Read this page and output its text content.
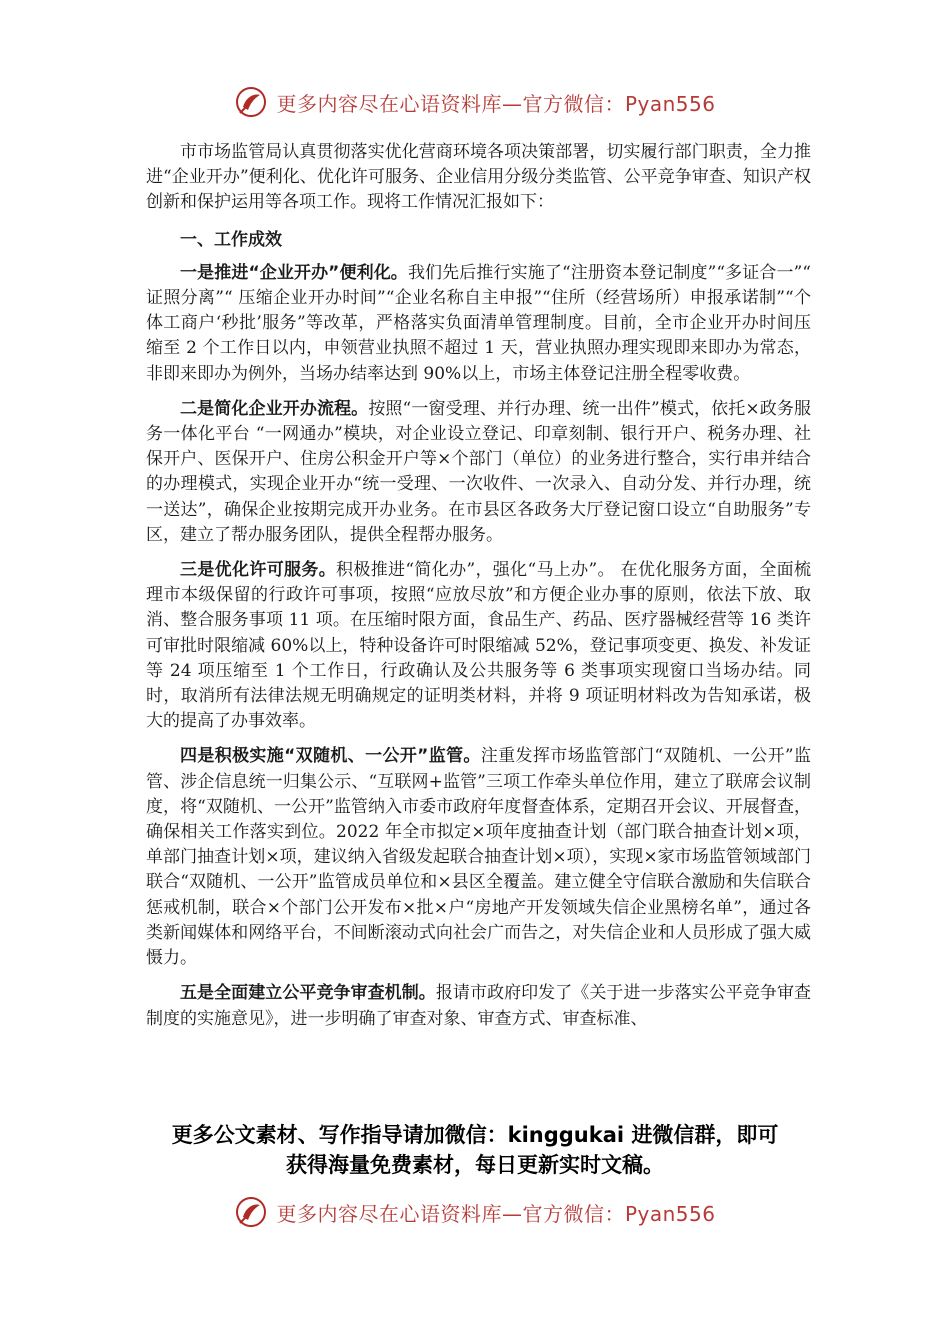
更多内容尽在心语资料库—官方微信：Pyan556

市市场监管局认真贯彻落实优化营商环境各项决策部署，切实履行部门职责，全力推进“企业开办”便利化、优化许可服务、企业信用分级分类监管、公平竞争审查、知识产权创新和保护运用等各项工作。现将工作情况汇报如下：

一、工作成效

一是推进“企业开办”便利化。我们先后推行实施了“注册资本登记制度”“多证合一”“ 证照分离”“ 压缩企业开办时间”“企业名称自主申报”“住所（经营场所）申报承诺制”“个体工商户‘秒批’服务”等改革，严格落实负面清单管理制度。目前，全市企业开办时间压缩至 2 个工作日以内，申领营业执照不超过 1 天，营业执照办理实现即来即办为常态，非即来即办为例外，当场办结率达到 90%以上，市场主体登记注册全程零收费。

二是简化企业开办流程。按照“一窗受理、并行办理、统一出件”模式，依托×政务服务一体化平台 “一网通办”模块，对企业设立登记、印章刻制、银行开户、税务办理、社保开户、医保开户、住房公积金开户等×个部门（单位）的业务进行整合，实行串并结合的办理模式，实现企业开办“统一受理、一次收件、一次录入、自动分发、并行办理，统一送达”，确保企业按期完成开办业务。在市县区各政务大厅登记窗口设立“自助服务”专区，建立了帮办服务团队，提供全程帮办服务。

三是优化许可服务。积极推进“简化办”，强化“马上办”。 在优化服务方面，全面梳理市本级保留的行政许可事项，按照“应放尽放”和方便企业办事的原则，依法下放、取消、整合服务事项 11 项。在压缩时限方面，食品生产、药品、医疗器械经营等 16 类许可审批时限缩减 60%以上，特种设备许可时限缩减 52%，登记事项变更、换发、补发证等 24 项压缩至 1 个工作日，行政确认及公共服务等 6 类事项实现窗口当场办结。同时，取消所有法律法规无明确规定的证明类材料，并将 9 项证明材料改为告知承诺，极大的提高了办事效率。

四是积极实施“双随机、一公开”监管。注重发挥市场监管部门“双随机、一公开”监管、涉企信息统一归集公示、“互联网+监管”三项工作牵头单位作用，建立了联席会议制度，将“双随机、一公开”监管纳入市委市政府年度督查体系，定期召开会议、开展督查，确保相关工作落实到位。2022 年全市拟定×项年度抽查计划（部门联合抽查计划×项，单部门抽查计划×项，建议纳入省级发起联合抽查计划×项），实现×家市场监管领域部门联合“双随机、一公开”监管成员单位和×县区全覆盖。建立健全守信联合激励和失信联合惩戒机制，联合×个部门公开发布×批×户“房地产开发领域失信企业黑榜名单”，通过各类新闻媒体和网络平台，不间断滚动式向社会广而告之，对失信企业和人员形成了强大威慑力。

五是全面建立公平竞争审查机制。报请市政府印发了《关于进一步落实公平竞争审查制度的实施意见》，进一步明确了审查对象、审查方式、审查标准、

更多公文素材、写作指导请加微信：kinggukai 进微信群，即可
获得海量免费素材，每日更新实时文稿。
更多内容尽在心语资料库—官方微信：Pyan556
